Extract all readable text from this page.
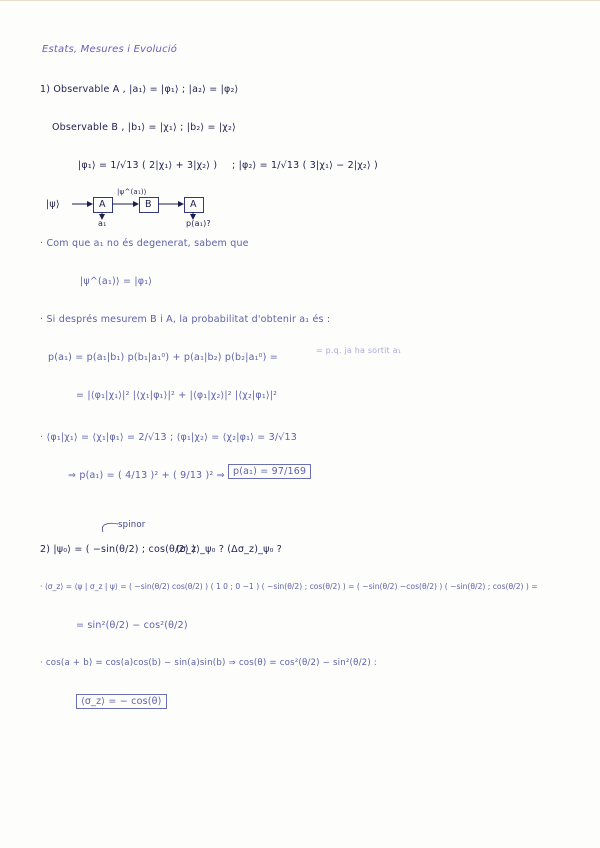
Estats, Mesures i Evolució
1) Observable A , |a₁⟩ = |φ₁⟩ ; |a₂⟩ = |φ₂⟩
Observable B , |b₁⟩ = |χ₁⟩ ; |b₂⟩ = |χ₂⟩
|φ₁⟩ = 1/√13 ( 2|χ₁⟩ + 3|χ₂⟩ ) ; |φ₂⟩ = 1/√13 ( 3|χ₁⟩ − 2|χ₂⟩ )
|ψ⟩	A	B	A
|ψ^(a₁)⟩
a₁	p(a₁)?
· Com que a₁ no és degenerat, sabem que
|ψ^(a₁)⟩ = |φ₁⟩
· Si després mesurem B i A, la probabilitat d'obtenir a₁ és :
p(a₁) = p(a₁|b₁) p(b₁|a₁⁰) + p(a₁|b₂) p(b₂|a₁⁰) =
= p.q. ja ha sortit a₁
= |⟨φ₁|χ₁⟩|² |⟨χ₁|φ₁⟩|² + |⟨φ₁|χ₂⟩|² |⟨χ₂|φ₁⟩|²
· ⟨φ₁|χ₁⟩ = ⟨χ₁|φ₁⟩ = 2/√13 ; ⟨φ₁|χ₂⟩ = ⟨χ₂|φ₁⟩ = 3/√13
⇒ p(a₁) = ( 4/13 )² + ( 9/13 )² ⇒ p(a₁) = 97/169
spinor
2) |ψ₀⟩ = ( −sin(θ/2) ; cos(θ/2) )
⟨σ_z⟩_ψ₀ ? (Δσ_z)_ψ₀ ?
· ⟨σ_z⟩ = ⟨ψ | σ_z | ψ⟩ = ( −sin(θ/2) cos(θ/2) ) ( 1 0 ; 0 −1 ) ( −sin(θ/2) ; cos(θ/2) ) = ( −sin(θ/2) −cos(θ/2) ) ( −sin(θ/2) ; cos(θ/2) ) =
= sin²(θ/2) − cos²(θ/2)
· cos(a + b) = cos(a)cos(b) − sin(a)sin(b) ⇒ cos(θ) = cos²(θ/2) − sin²(θ/2) :
⟨σ_z⟩ = − cos(θ)
